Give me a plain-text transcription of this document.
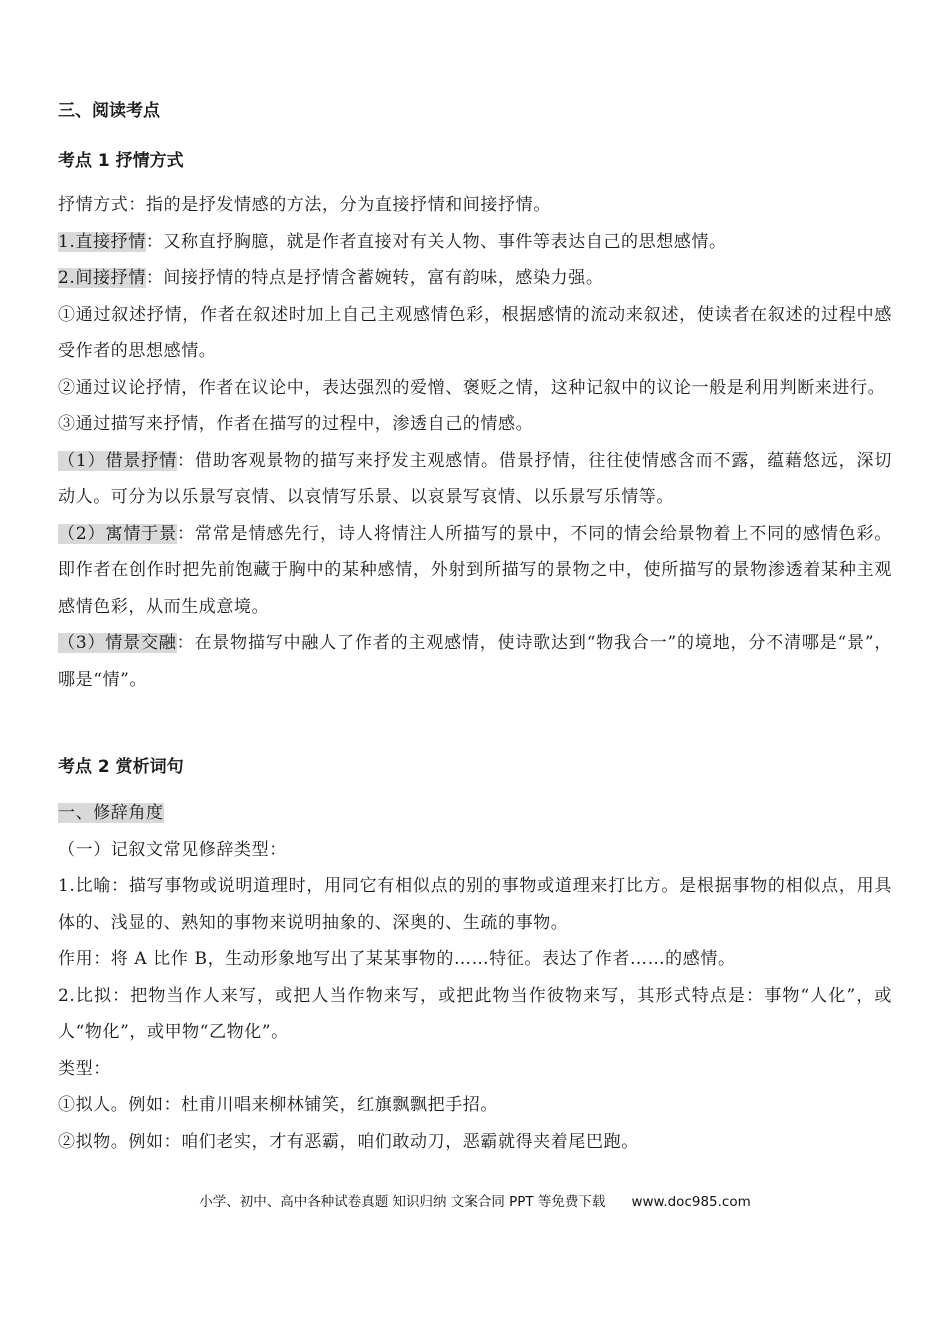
三、阅读考点
考点 1 抒情方式

抒情方式：指的是抒发情感的方法，分为直接抒情和间接抒情。

1.直接抒情：又称直抒胸臆，就是作者直接对有关人物、事件等表达自己的思想感情。

2.间接抒情：间接抒情的特点是抒情含蓄婉转，富有韵味，感染力强。

①通过叙述抒情，作者在叙述时加上自己主观感情色彩，根据感情的流动来叙述，使读者在叙述的过程中感受作者的思想感情。

②通过议论抒情，作者在议论中，表达强烈的爱憎、褒贬之情，这种记叙中的议论一般是利用判断来进行。

③通过描写来抒情，作者在描写的过程中，渗透自己的情感。

（1）借景抒情：借助客观景物的描写来抒发主观感情。借景抒情，往往使情感含而不露，蕴藉悠远，深切动人。可分为以乐景写哀情、以哀情写乐景、以哀景写哀情、以乐景写乐情等。

（2）寓情于景：常常是情感先行，诗人将情注人所描写的景中，不同的情会给景物着上不同的感情色彩。即作者在创作时把先前饱藏于胸中的某种感情，外射到所描写的景物之中，使所描写的景物渗透着某种主观感情色彩，从而生成意境。

（3）情景交融：在景物描写中融人了作者的主观感情，使诗歌达到“物我合一”的境地，分不清哪是“景”，哪是“情”。

考点 2 赏析词句

一、修辞角度

（一）记叙文常见修辞类型：

1.比喻：描写事物或说明道理时，用同它有相似点的别的事物或道理来打比方。是根据事物的相似点，用具体的、浅显的、熟知的事物来说明抽象的、深奥的、生疏的事物。

作用：将 A 比作 B，生动形象地写出了某某事物的……特征。表达了作者……的感情。

2.比拟：把物当作人来写，或把人当作物来写，或把此物当作彼物来写，其形式特点是：事物“人化”，或人“物化”，或甲物“乙物化”。

类型：

①拟人。例如：杜甫川唱来柳林铺笑，红旗飘飘把手招。

②拟物。例如：咱们老实，才有恶霸，咱们敢动刀，恶霸就得夹着尾巴跑。

小学、初中、高中各种试卷真题 知识归纳 文案合同 PPT 等免费下载 www.doc985.com
